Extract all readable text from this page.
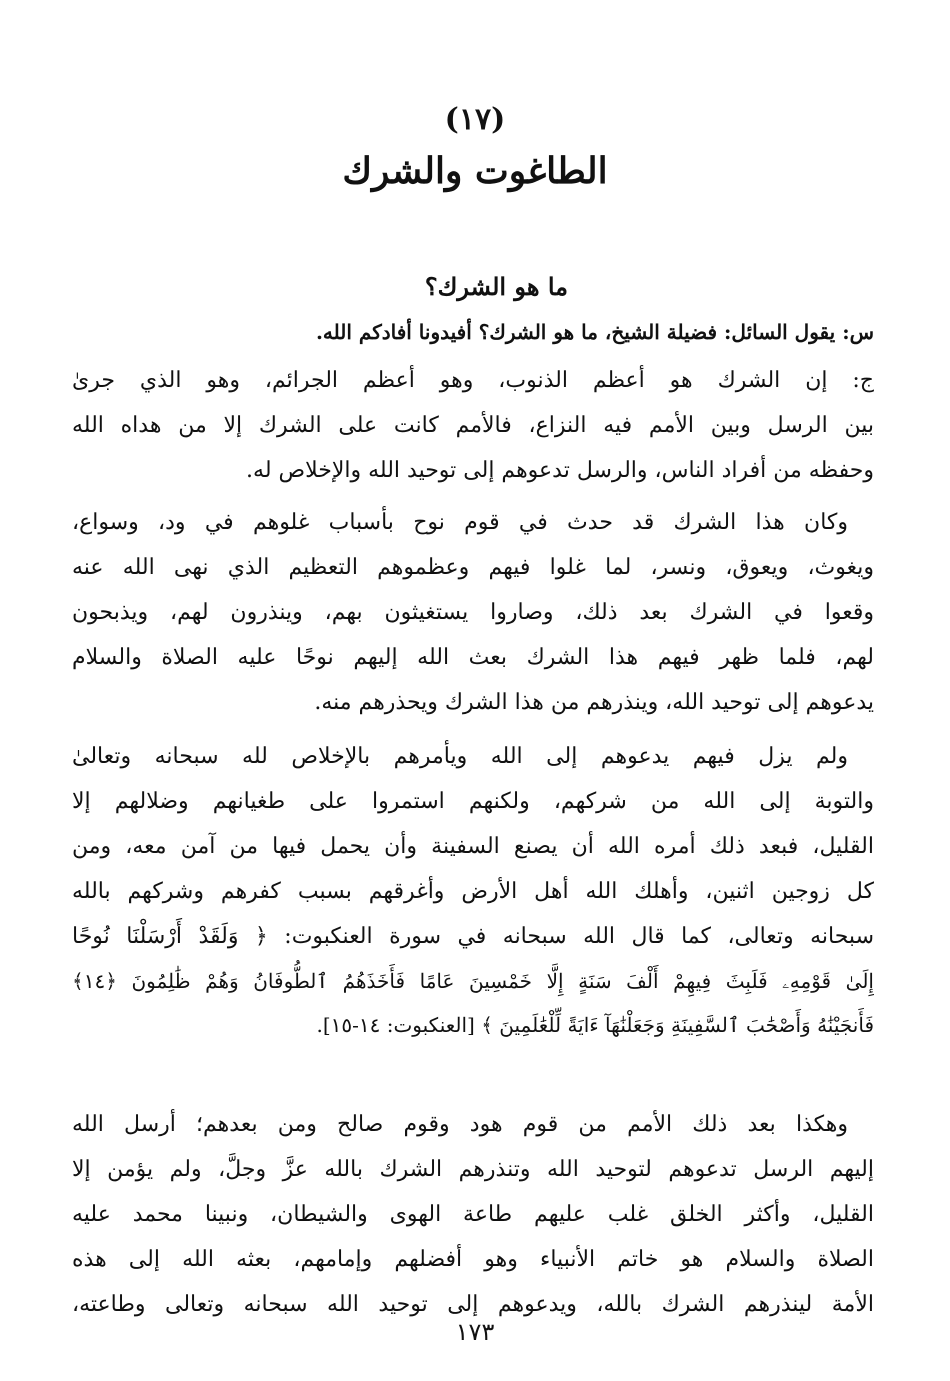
(١٧)
الطاغوت والشرك
ما هو الشرك؟
س: يقول السائل: فضيلة الشيخ، ما هو الشرك؟ أفيدونا أفادكم الله.
ج: إن الشرك هو أعظم الذنوب، وهو أعظم الجرائم، وهو الذي جرىٰ
بين الرسل وبين الأمم فيه النزاع، فالأمم كانت على الشرك إلا من هداه الله
وحفظه من أفراد الناس، والرسل تدعوهم إلى توحيد الله والإخلاص له.
وكان هذا الشرك قد حدث في قوم نوح بأسباب غلوهم في ود، وسواع،
ويغوث، ويعوق، ونسر، لما غلوا فيهم وعظموهم التعظيم الذي نهى الله عنه
وقعوا في الشرك بعد ذلك، وصاروا يستغيثون بهم، وينذرون لهم، ويذبحون
لهم، فلما ظهر فيهم هذا الشرك بعث الله إليهم نوحًا عليه الصلاة والسلام
يدعوهم إلى توحيد الله، وينذرهم من هذا الشرك ويحذرهم منه.
ولم يزل فيهم يدعوهم إلى الله ويأمرهم بالإخلاص لله سبحانه وتعالىٰ
والتوبة إلى الله من شركهم، ولكنهم استمروا على طغيانهم وضلالهم إلا
القليل، فبعد ذلك أمره الله أن يصنع السفينة وأن يحمل فيها من آمن معه، ومن
كل زوجين اثنين، وأهلك الله أهل الأرض وأغرقهم بسبب كفرهم وشركهم بالله
سبحانه وتعالى، كما قال الله سبحانه في سورة العنكبوت: ﴿ وَلَقَدْ أَرْسَلْنَا نُوحًا
إِلَىٰ قَوْمِهِۦ فَلَبِثَ فِيهِمْ أَلْفَ سَنَةٍ إِلَّا خَمْسِينَ عَامًا فَأَخَذَهُمُ ٱلطُّوفَانُ وَهُمْ ظَٰلِمُونَ ﴿١٤﴾
فَأَنجَيْنَٰهُ وَأَصْحَٰبَ ٱلسَّفِينَةِ وَجَعَلْنَٰهَآ ءَايَةً لِّلْعَٰلَمِينَ ﴾ [العنكبوت: ١٤-١٥].
وهكذا بعد ذلك الأمم من قوم هود وقوم صالح ومن بعدهم؛ أرسل الله
إليهم الرسل تدعوهم لتوحيد الله وتنذرهم الشرك بالله عزَّ وجلَّ، ولم يؤمن إلا
القليل، وأكثر الخلق غلب عليهم طاعة الهوى والشيطان، ونبينا محمد عليه
الصلاة والسلام هو خاتم الأنبياء وهو أفضلهم وإمامهم، بعثه الله إلى هذه
الأمة لينذرهم الشرك بالله، ويدعوهم إلى توحيد الله سبحانه وتعالى وطاعته،
١٧٣
